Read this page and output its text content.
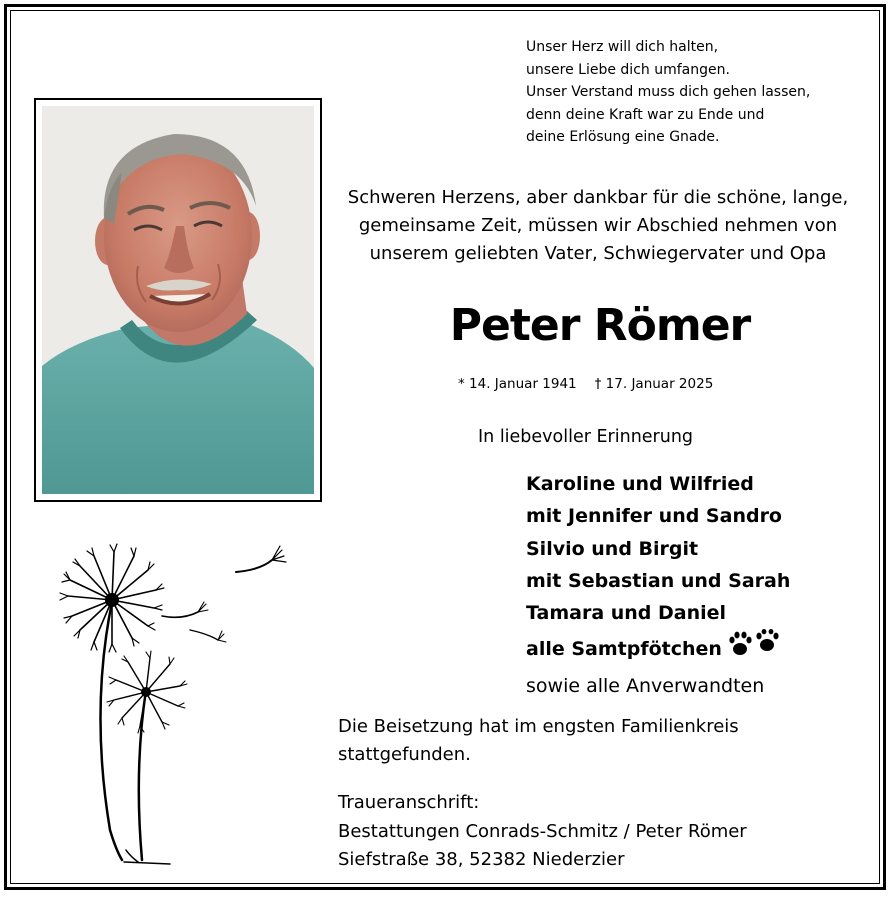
Unser Herz will dich halten,
unsere Liebe dich umfangen.
Unser Verstand muss dich gehen lassen,
denn deine Kraft war zu Ende und
deine Erlösung eine Gnade.
Schweren Herzens, aber dankbar für die schöne, lange,
gemeinsame Zeit, müssen wir Abschied nehmen von
unserem geliebten Vater, Schwiegervater und Opa
Peter Römer
* 14. Januar 1941 † 17. Januar 2025
In liebevoller Erinnerung
Karoline und Wilfried
mit Jennifer und Sandro
Silvio und Birgit
mit Sebastian und Sarah
Tamara und Daniel
alle Samtpfötchen
sowie alle Anverwandten
Die Beisetzung hat im engsten Familienkreis
stattgefunden.
Traueranschrift:
Bestattungen Conrads-Schmitz / Peter Römer
Siefstraße 38, 52382 Niederzier
